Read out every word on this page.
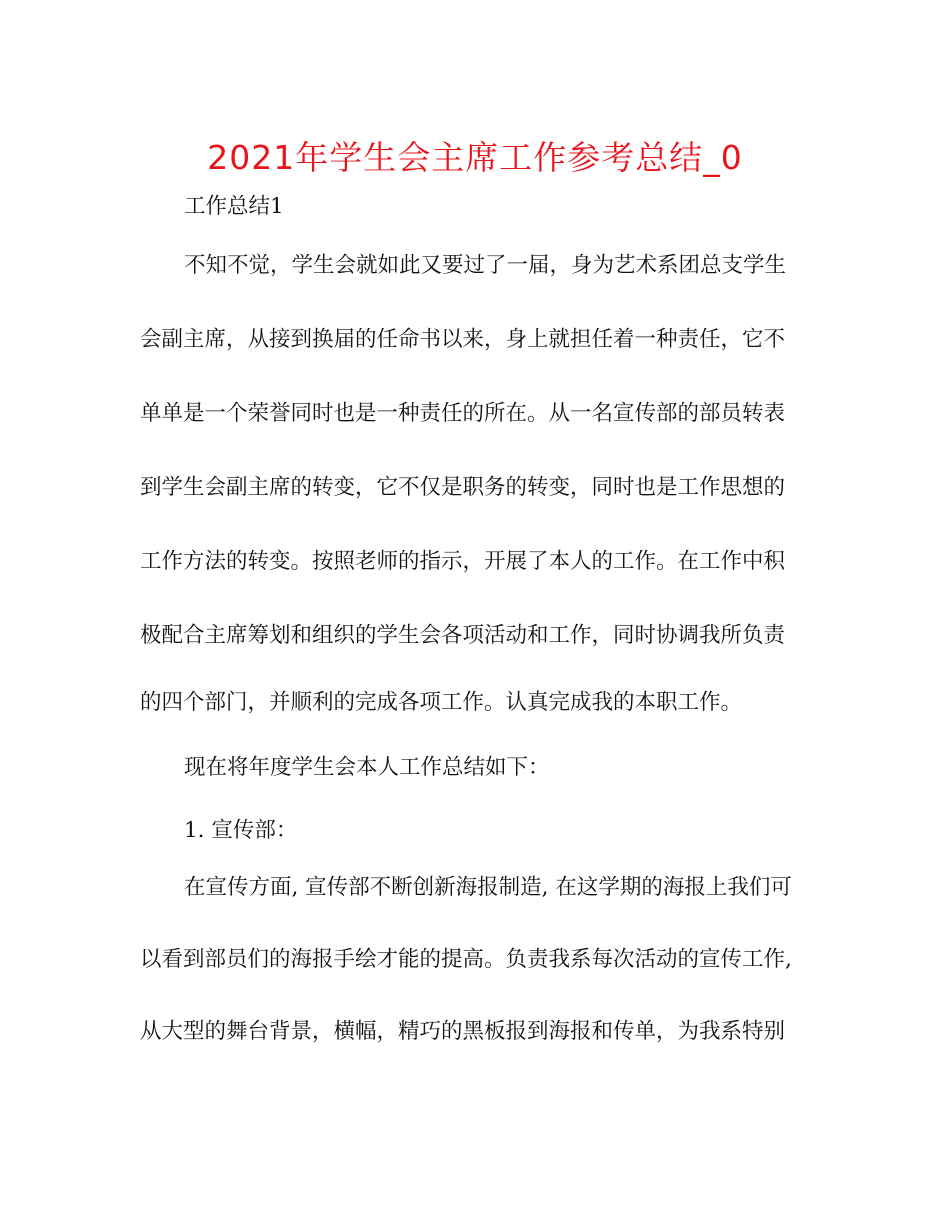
2021年学生会主席工作参考总结_0
工作总结1
不知不觉，学生会就如此又要过了一届，身为艺术系团总支学生
会副主席，从接到换届的任命书以来，身上就担任着一种责任，它不
单单是一个荣誉同时也是一种责任的所在。从一名宣传部的部员转表
到学生会副主席的转变，它不仅是职务的转变，同时也是工作思想的
工作方法的转变。按照老师的指示，开展了本人的工作。在工作中积
极配合主席筹划和组织的学生会各项活动和工作，同时协调我所负责
的四个部门，并顺利的完成各项工作。认真完成我的本职工作。
现在将年度学生会本人工作总结如下：
1. 宣传部：
在宣传方面, 宣传部不断创新海报制造, 在这学期的海报上我们可
以看到部员们的海报手绘才能的提高。负责我系每次活动的宣传工作,
从大型的舞台背景，横幅，精巧的黑板报到海报和传单，为我系特别
